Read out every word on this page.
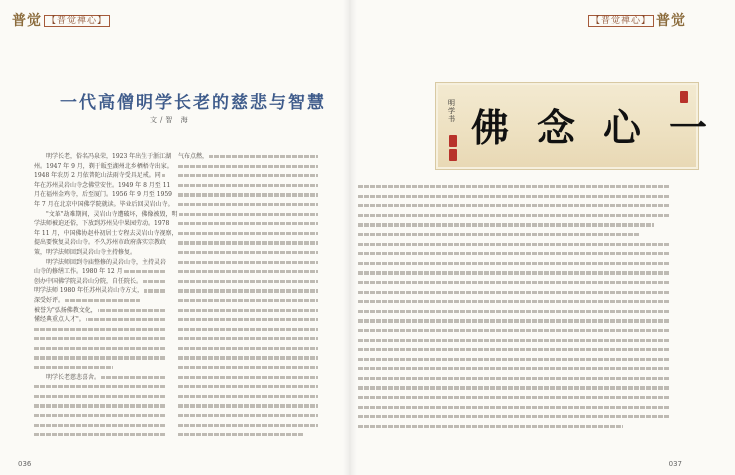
普觉 【普觉禅心】
一代高僧明学长老的慈悲与智慧
文/智 海
明学长老，俗名冯泉荣，1923 年出生于浙江湖
州。1947 年 9 月，剃于皈至湖州北乡栖梧寺出家。
1948 年农历 2 月依普陀山法雨寺受具足戒。同
年在苏州灵岩山寺念佛堂安住。1949 年 8 月至 11
月在福州金鸡寺，后至厦门。1956 年 9 月至 1959
年 7 月在北京中国佛学院就读。毕业后回灵岩山寺。
"文革"劫难期间，灵岩山寺遭破坏，佛像被毁，明
学法师被迫还俗，下放到苏州吴中果园劳动。1978
年 11 月，中国佛协赵朴初居士专程去灵岩山寺视察，
提出要恢复灵岩山寺。不久苏州市政府落实宗教政
策，明学法师回到灵岩山寺主持修复。
明学法师回到寺庙整修的灵岩山寺，主持灵岩
山寺的修缮工作。1980 年 12 月
创办中国佛学院灵岩山分院，自任院长。
明学法师 1980 年任苏州灵岩山寺方丈，
深受好评。
被誉为"弘扬佛教文化，
懂经典重点人才"。
明学长老慈悲喜舍。
气布点燃，
036
【普觉禅心】 普觉
明学书 佛念心一
037
